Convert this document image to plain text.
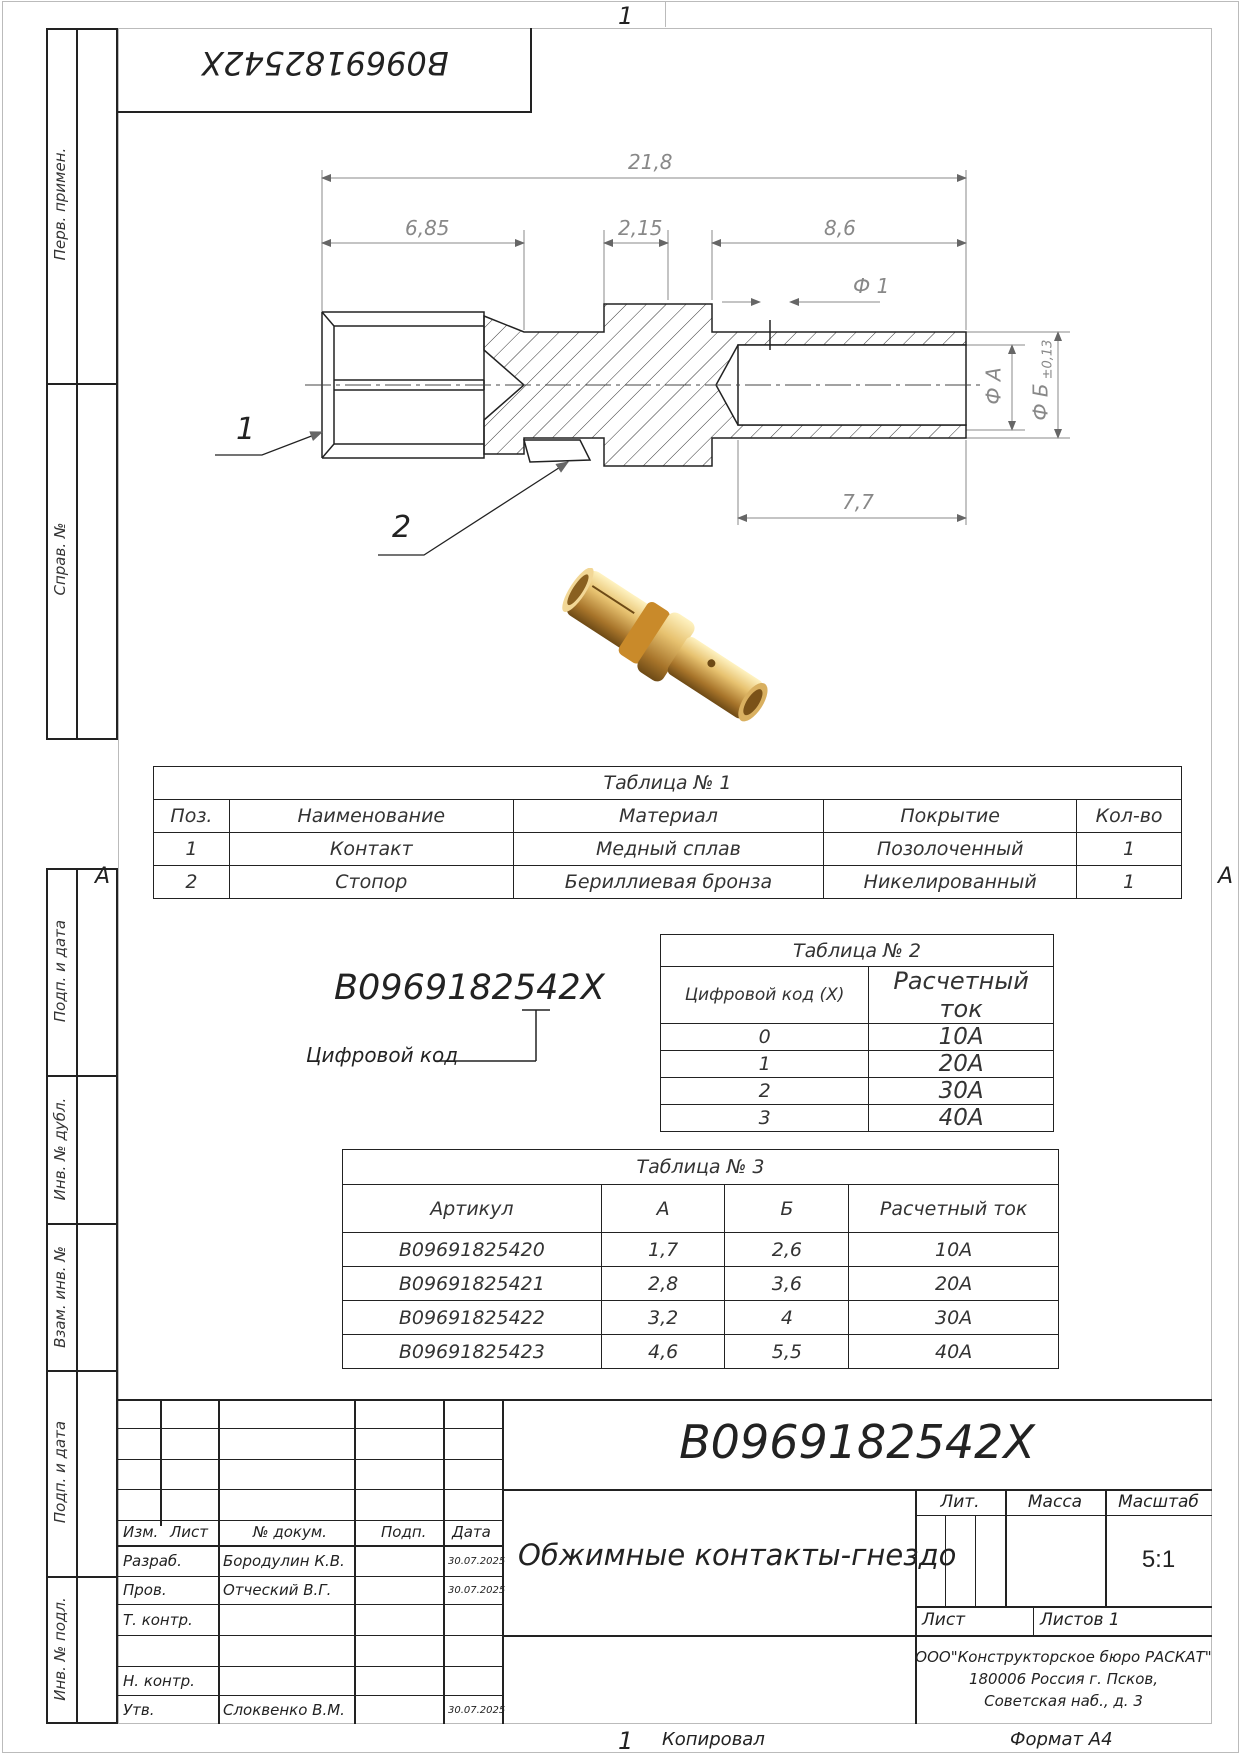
1
1
А	А
Копировал	Формат А4
Перв. примен.
Справ. №
Подп. и дата
Инв. № дубл.
Взам. инв. №
Подп. и дата
Инв. № подл.
B0969182542X
21,8
6,85	2,15	8,6
Ф 1
7,7
Ф А Ф Б
±0,13
1
2
Таблица № 1				
Поз.	Наименование	Материал	Покрытие	Кол-во
1	Контакт	Медный сплав	Позолоченный	1
2	Стопор	Бериллиевая бронза	Никелированный	1
B0969182542X
Цифровой код
Таблица № 2	
Цифровой код (X)	Расчетный ток
0	10А
1	20А
2	30А
3	40А
Таблица № 3			
Артикул	А	Б	Расчетный ток
B09691825420	1,7	2,6	10А
B09691825421	2,8	3,6	20А
B09691825422	3,2	4	30А
B09691825423	4,6	5,5	40А
B0969182542X
Обжимные контакты-гнездо
Изм. Лист	№ докум.	Подп. Дата
Разраб.	Бородулин К.В.	30.07.2025
Пров.	Отческий В.Г.	30.07.2025
Т. контр.
Н. контр.
Утв.	Слоквенко В.М.	30.07.2025
Лит.	Масса	Масштаб
5:1
Лист	Листов 1
ООО"Конструкторское бюро РАСКАТ"
180006 Россия г. Псков,
Советская наб., д. 3
